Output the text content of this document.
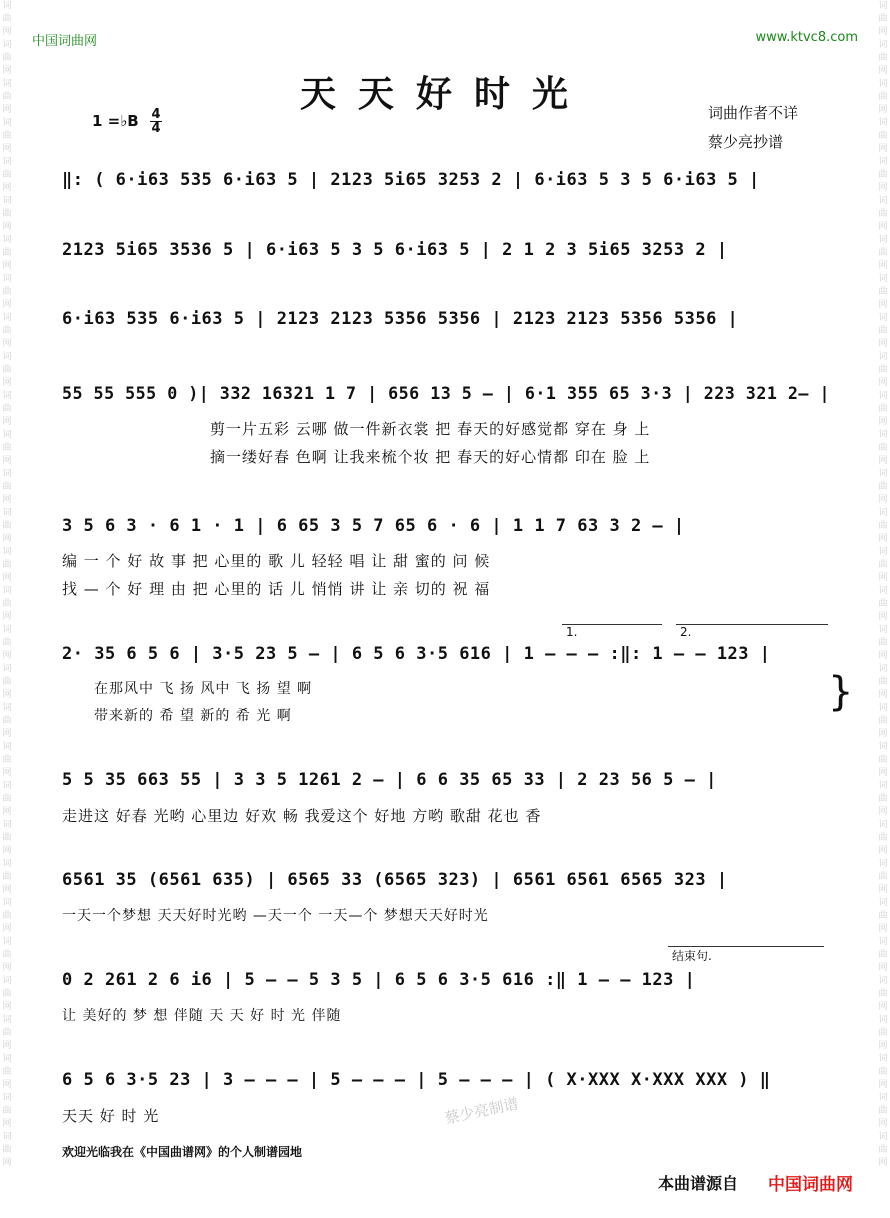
词曲网词曲网词曲网词曲网词曲网词曲网词曲网词曲网词曲网词曲网词曲网词曲网词曲网词曲网词曲网词曲网词曲网词曲网词曲网词曲网词曲网词曲网词曲网词曲网词曲网词曲网词曲网词曲网词曲网词曲网
词曲网词曲网词曲网词曲网词曲网词曲网词曲网词曲网词曲网词曲网词曲网词曲网词曲网词曲网词曲网词曲网词曲网词曲网词曲网词曲网词曲网词曲网词曲网词曲网词曲网词曲网词曲网词曲网词曲网词曲网
中国词曲网	www.ktvc8.com
天天好时光
1 =♭B 4
4
词曲作者不详
蔡少亮抄谱
‖: ( 6·i63 535 6·i63 5 | 2123 5i65 3253 2 | 6·i63 5 3 5 6·i63 5 |
2123 5i65 3536 5 | 6·i63 5 3 5 6·i63 5 | 2 1 2 3 5i65 3253 2 |
6·i63 535 6·i63 5 | 2123 2123 5356 5356 | 2123 2123 5356 5356 |
55 55 555 0 )| 332 16321 1 7 | 656 13 5 — | 6·1 355 65 3·3 | 223 321 2— |
剪一片五彩 云哪 做一件新衣裳 把 春天的好感觉都 穿在 身 上
摘一缕好春 色啊 让我来梳个妆 把 春天的好心情都 印在 脸 上
3 5 6 3 · 6 1 · 1 | 6 65 3 5 7 65 6 · 6 | 1 1 7 63 3 2 — |
编 一 个 好 故 事 把 心里的 歌 儿 轻轻 唱 让 甜 蜜的 问 候
找 — 个 好 理 由 把 心里的 话 儿 悄悄 讲 让 亲 切的 祝 福
1.	2.
2· 35 6 5 6 | 3·5 23 5 — | 6 5 6 3·5 616 | 1 — — — :‖: 1 — — 123 |
在那风中 飞 扬 风中 飞 扬 望 啊
带来新的 希 望 新的 希 光 啊
}
5 5 35 663 55 | 3 3 5 1261 2 — | 6 6 35 65 33 | 2 23 56 5 — |
走进这 好春 光哟 心里边 好欢 畅 我爱这个 好地 方哟 歌甜 花也 香
6561 35 (6561 635) | 6565 33 (6565 323) | 6561 6561 6565 323 |
一天一个梦想 天天好时光哟 —天一个 一天—个 梦想天天好时光
结束句.
0 2 261 2 6 i6 | 5 — — 5 3 5 | 6 5 6 3·5 616 :‖ 1 — — 123 |
让 美好的 梦 想 伴随 天 天 好 时 光 伴随
6 5 6 3·5 23 | 3 — — — | 5 — — — | 5 — — — | ( X·XXX X·XXX XXX ) ‖
天天 好 时 光	蔡少亮制谱
欢迎光临我在《中国曲谱网》的个人制谱园地
本曲谱源自 中国词曲网
